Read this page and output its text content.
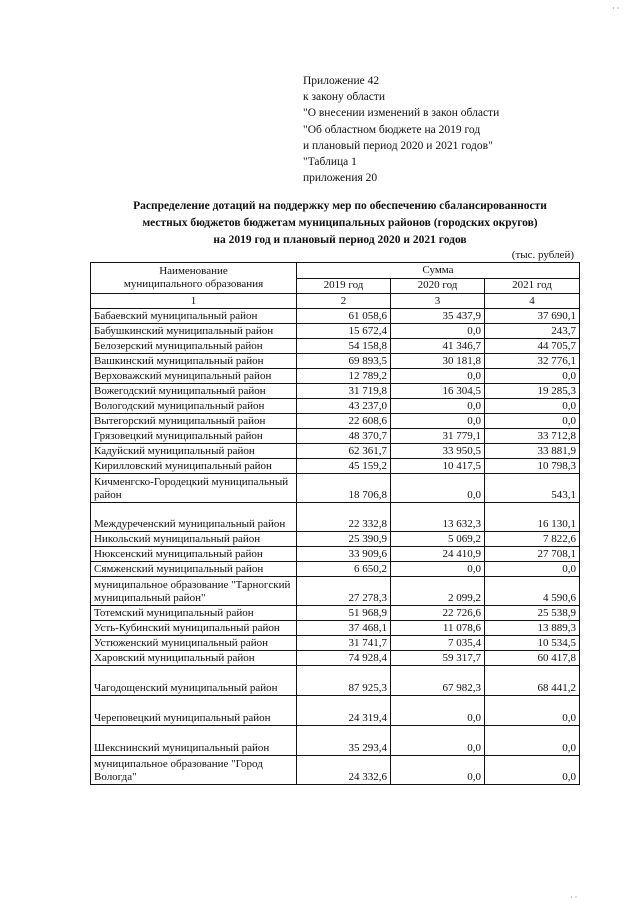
· ·
Приложение 42
к закону области
"О внесении изменений в закон области
"Об областном бюджете на 2019 год
и плановый период 2020 и 2021 годов"
"Таблица 1
приложения 20
Распределение дотаций на поддержку мер по обеспечению сбалансированности
местных бюджетов бюджетам муниципальных районов (городских округов)
на 2019 год и плановый период 2020 и 2021 годов
(тыс. рублей)
Наименование
муниципального образования	Сумма		
	2019 год	2020 год	2021 год
1	2	3	4
Бабаевский муниципальный район	61 058,6	35 437,9	37 690,1
Бабушкинский муниципальный район	15 672,4	0,0	243,7
Белозерский муниципальный район	54 158,8	41 346,7	44 705,7
Вашкинский муниципальный район	69 893,5	30 181,8	32 776,1
Верховажский муниципальный район	12 789,2	0,0	0,0
Вожегодский муниципальный район	31 719,8	16 304,5	19 285,3
Вологодский муниципальный район	43 237,0	0,0	0,0
Вытегорский муниципальный район	22 608,6	0,0	0,0
Грязовецкий муниципальный район	48 370,7	31 779,1	33 712,8
Кадуйский муниципальный район	62 361,7	33 950,5	33 881,9
Кирилловский муниципальный район	45 159,2	10 417,5	10 798,3
Кичменгско-Городецкий муниципальный район	18 706,8	0,0	543,1
Междуреченский муниципальный район	22 332,8	13 632,3	16 130,1
Никольский муниципальный район	25 390,9	5 069,2	7 822,6
Нюксенский муниципальный район	33 909,6	24 410,9	27 708,1
Сямженский муниципальный район	6 650,2	0,0	0,0
муниципальное образование "Тарногский муниципальный район"	27 278,3	2 099,2	4 590,6
Тотемский муниципальный район	51 968,9	22 726,6	25 538,9
Усть-Кубинский муниципальный район	37 468,1	11 078,6	13 889,3
Устюженский муниципальный район	31 741,7	7 035,4	10 534,5
Харовский муниципальный район	74 928,4	59 317,7	60 417,8
Чагодощенский муниципальный район	87 925,3	67 982,3	68 441,2
Череповецкий муниципальный район	24 319,4	0,0	0,0
Шекснинский муниципальный район	35 293,4	0,0	0,0
муниципальное образование "Город Вологда"	24 332,6	0,0	0,0
· ·
